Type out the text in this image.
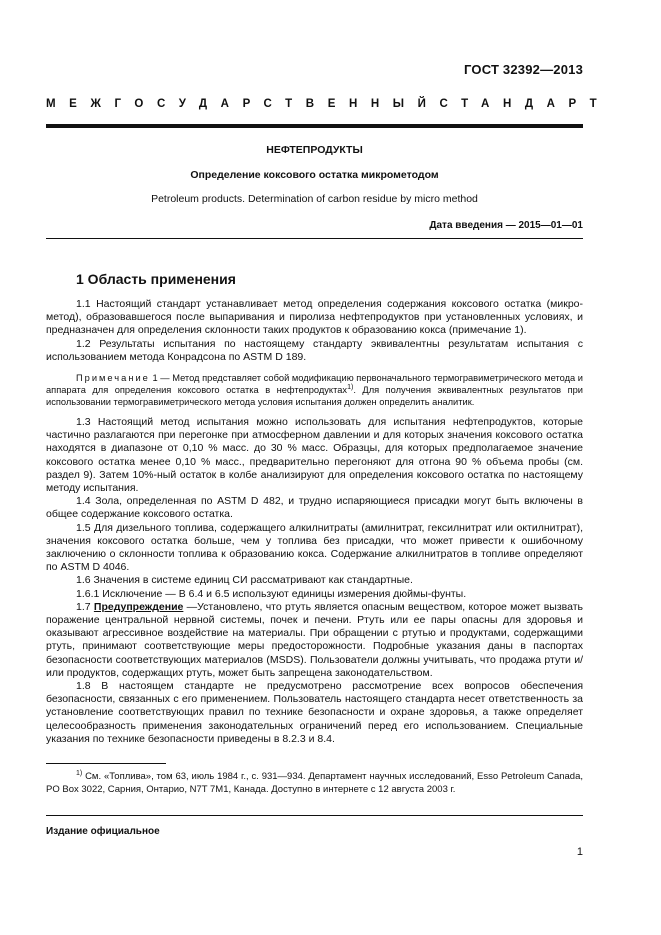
ГОСТ 32392—2013
МЕЖГОСУДАРСТВЕННЫЙ СТАНДАРТ
НЕФТЕПРОДУКТЫ
Определение коксового остатка микрометодом
Petroleum products. Determination of carbon residue by micro method
Дата введения — 2015—01—01
1 Область применения

1.1 Настоящий стандарт устанавливает метод определения содержания коксового остатка (микро-метод), образовавшегося после выпаривания и пиролиза нефтепродуктов при установленных условиях, и предназначен для определения склонности таких продуктов к образованию кокса (примечание 1).

1.2 Результаты испытания по настоящему стандарту эквивалентны результатам испытания с использованием метода Конрадсона по ASTM D 189.

Примечание 1 — Метод представляет собой модификацию первоначального термогравиметрического метода и аппарата для определения коксового остатка в нефтепродуктах$^{1)}$. Для получения эквивалентных результатов при использовании термогравиметрического метода условия испытания должен определить аналитик.

1.3 Настоящий метод испытания можно использовать для испытания нефтепродуктов, которые частично разлагаются при перегонке при атмосферном давлении и для которых значения коксового остатка находятся в диапазоне от 0,10 % масс. до 30 % масс. Образцы, для которых предполагаемое значение коксового остатка менее 0,10 % масс., предварительно перегоняют для отгона 90 % объема пробы (см. раздел 9). Затем 10%-ный остаток в колбе анализируют для определения коксового остатка по настоящему методу испытания.

1.4 Зола, определенная по ASTM D 482, и трудно испаряющиеся присадки могут быть включены в общее содержание коксового остатка.

1.5 Для дизельного топлива, содержащего алкилнитраты (амилнитрат, гексилнитрат или октилнитрат), значения коксового остатка больше, чем у топлива без присадки, что может привести к ошибочному заключению о склонности топлива к образованию кокса. Содержание алкилнитратов в топливе определяют по ASTM D 4046.

1.6 Значения в системе единиц СИ рассматривают как стандартные.

1.6.1 Исключение — В 6.4 и 6.5 используют единицы измерения дюймы-фунты.

1.7 Предупреждение —Установлено, что ртуть является опасным веществом, которое может вызвать поражение центральной нервной системы, почек и печени. Ртуть или ее пары опасны для здоровья и оказывают агрессивное воздействие на материалы. При обращении с ртутью и продуктами, содержащими ртуть, принимают соответствующие меры предосторожности. Подробные указания даны в паспортах безопасности соответствующих материалов (MSDS). Пользователи должны учитывать, что продажа ртути и/или продуктов, содержащих ртуть, может быть запрещена законодательством.

1.8 В настоящем стандарте не предусмотрено рассмотрение всех вопросов обеспечения безопасности, связанных с его применением. Пользователь настоящего стандарта несет ответственность за установление соответствующих правил по технике безопасности и охране здоровья, а также определяет целесообразность применения законодательных ограничений перед его использованием. Специальные указания по технике безопасности приведены в 8.2.3 и 8.4.

$^{1)}$ См. «Топлива», том 63, июль 1984 г., с. 931—934. Департамент научных исследований, Esso Petroleum Canada, PO Box 3022, Сарния, Онтарио, N7T 7M1, Канада. Доступно в интернете с 12 августа 2003 г.
Издание официальное
1
